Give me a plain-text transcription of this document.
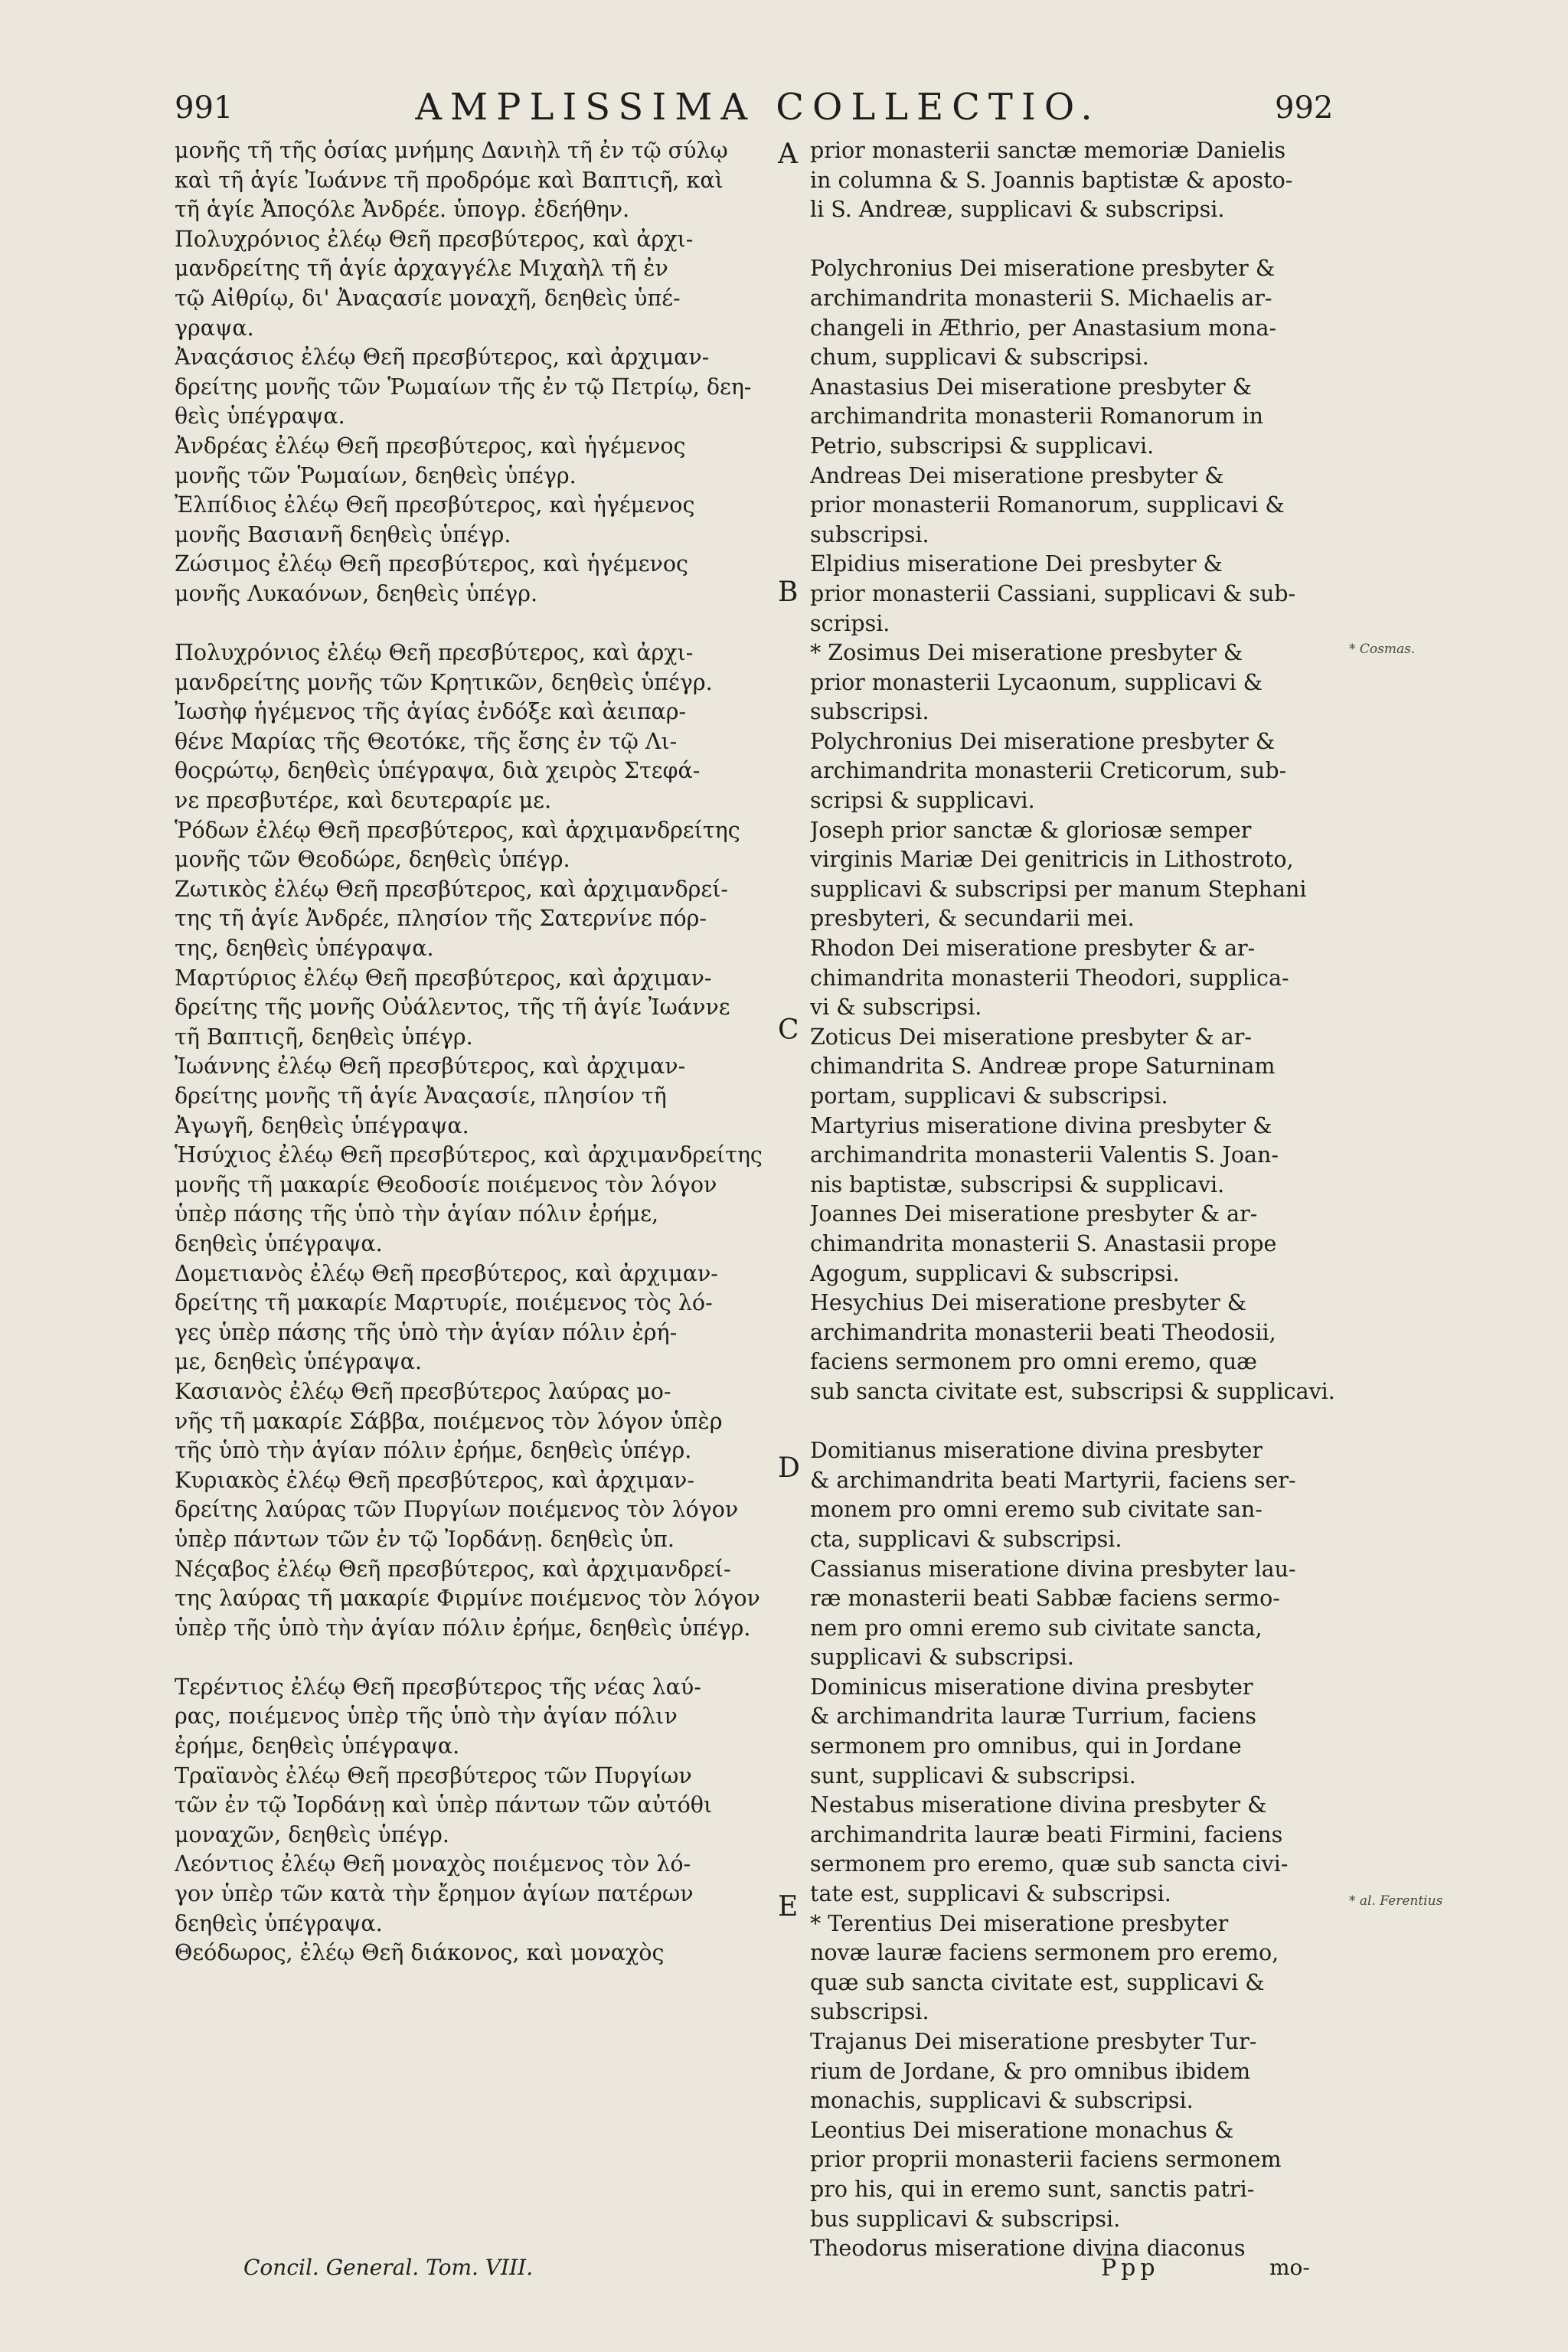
991	AMPLISSIMA COLLECTIO.	992
μονῆς τῆ τῆς ὁσίας μνήμης Δανιὴλ τῆ ἐν τῷ σύλῳ
καὶ τῆ ἁγίε Ἰωάννε τῆ προδρόμε καὶ Βαπτιςῆ, καὶ
τῆ ἁγίε Ἀποςόλε Ἀνδρέε. ὑπογρ. ἐδεήθην.
Πολυχρόνιος ἐλέῳ Θεῆ πρεσβύτερος, καὶ ἀρχι-
μανδρείτης τῆ ἁγίε ἀρχαγγέλε Μιχαὴλ τῆ ἐν
τῷ Αἰθρίῳ, δι' Ἀναςασίε μοναχῆ, δεηθεὶς ὑπέ-
γραψα.
Ἀναςάσιος ἐλέῳ Θεῆ πρεσβύτερος, καὶ ἀρχιμαν-
δρείτης μονῆς τῶν Ῥωμαίων τῆς ἐν τῷ Πετρίῳ, δεη-
θεὶς ὑπέγραψα.
Ἀνδρέας ἐλέῳ Θεῆ πρεσβύτερος, καὶ ἡγέμενος
μονῆς τῶν Ῥωμαίων, δεηθεὶς ὑπέγρ.
Ἐλπίδιος ἐλέῳ Θεῆ πρεσβύτερος, καὶ ἡγέμενος
μονῆς Βασιανῆ δεηθεὶς ὑπέγρ.
Ζώσιμος ἐλέῳ Θεῆ πρεσβύτερος, καὶ ἡγέμενος
μονῆς Λυκαόνων, δεηθεὶς ὑπέγρ.
Πολυχρόνιος ἐλέῳ Θεῆ πρεσβύτερος, καὶ ἀρχι-
μανδρείτης μονῆς τῶν Κρητικῶν, δεηθεὶς ὑπέγρ.
Ἰωσὴφ ἡγέμενος τῆς ἁγίας ἐνδόξε καὶ ἀειπαρ-
θένε Μαρίας τῆς Θεοτόκε, τῆς ἔσης ἐν τῷ Λι-
θοςρώτῳ, δεηθεὶς ὑπέγραψα, διὰ χειρὸς Στεφά-
νε πρεσβυτέρε, καὶ δευτεραρίε με.
Ῥόδων ἐλέῳ Θεῆ πρεσβύτερος, καὶ ἀρχιμανδρείτης
μονῆς τῶν Θεοδώρε, δεηθεὶς ὑπέγρ.
Ζωτικὸς ἐλέῳ Θεῆ πρεσβύτερος, καὶ ἀρχιμανδρεί-
της τῆ ἁγίε Ἀνδρέε, πλησίον τῆς Σατερνίνε πόρ-
της, δεηθεὶς ὑπέγραψα.
Μαρτύριος ἐλέῳ Θεῆ πρεσβύτερος, καὶ ἀρχιμαν-
δρείτης τῆς μονῆς Οὐάλεντος, τῆς τῆ ἁγίε Ἰωάννε
τῆ Βαπτιςῆ, δεηθεὶς ὑπέγρ.
Ἰωάννης ἐλέῳ Θεῆ πρεσβύτερος, καὶ ἀρχιμαν-
δρείτης μονῆς τῆ ἁγίε Ἀναςασίε, πλησίον τῆ
Ἀγωγῆ, δεηθεὶς ὑπέγραψα.
Ἡσύχιος ἐλέῳ Θεῆ πρεσβύτερος, καὶ ἀρχιμανδρείτης
μονῆς τῆ μακαρίε Θεοδοσίε ποιέμενος τὸν λόγον
ὑπὲρ πάσης τῆς ὑπὸ τὴν ἁγίαν πόλιν ἐρήμε,
δεηθεὶς ὑπέγραψα.
Δομετιανὸς ἐλέῳ Θεῆ πρεσβύτερος, καὶ ἀρχιμαν-
δρείτης τῆ μακαρίε Μαρτυρίε, ποιέμενος τὸς λό-
γες ὑπὲρ πάσης τῆς ὑπὸ τὴν ἁγίαν πόλιν ἐρή-
με, δεηθεὶς ὑπέγραψα.
Κασιανὸς ἐλέῳ Θεῆ πρεσβύτερος λαύρας μο-
νῆς τῆ μακαρίε Σάββα, ποιέμενος τὸν λόγον ὑπὲρ
τῆς ὑπὸ τὴν ἁγίαν πόλιν ἐρήμε, δεηθεὶς ὑπέγρ.
Κυριακὸς ἐλέῳ Θεῆ πρεσβύτερος, καὶ ἀρχιμαν-
δρείτης λαύρας τῶν Πυργίων ποιέμενος τὸν λόγον
ὑπὲρ πάντων τῶν ἐν τῷ Ἰορδάνῃ. δεηθεὶς ὑπ.
Νέςαβος ἐλέῳ Θεῆ πρεσβύτερος, καὶ ἀρχιμανδρεί-
της λαύρας τῆ μακαρίε Φιρμίνε ποιέμενος τὸν λόγον
ὑπὲρ τῆς ὑπὸ τὴν ἁγίαν πόλιν ἐρήμε, δεηθεὶς ὑπέγρ.
Τερέντιος ἐλέῳ Θεῆ πρεσβύτερος τῆς νέας λαύ-
ρας, ποιέμενος ὑπὲρ τῆς ὑπὸ τὴν ἁγίαν πόλιν
ἐρήμε, δεηθεὶς ὑπέγραψα.
Τραϊανὸς ἐλέῳ Θεῆ πρεσβύτερος τῶν Πυργίων
τῶν ἐν τῷ Ἰορδάνῃ καὶ ὑπὲρ πάντων τῶν αὐτόθι
μοναχῶν, δεηθεὶς ὑπέγρ.
Λεόντιος ἐλέῳ Θεῆ μοναχὸς ποιέμενος τὸν λό-
γον ὑπὲρ τῶν κατὰ τὴν ἔρημον ἁγίων πατέρων
δεηθεὶς ὑπέγραψα.
Θεόδωρος, ἐλέῳ Θεῆ διάκονος, καὶ μοναχὸς
prior monasterii sanctæ memoriæ Danielis
in columna & S. Joannis baptistæ & aposto-
li S. Andreæ, supplicavi & subscripsi.
Polychronius Dei miseratione presbyter &
archimandrita monasterii S. Michaelis ar-
changeli in Æthrio, per Anastasium mona-
chum, supplicavi & subscripsi.
Anastasius Dei miseratione presbyter &
archimandrita monasterii Romanorum in
Petrio, subscripsi & supplicavi.
Andreas Dei miseratione presbyter &
prior monasterii Romanorum, supplicavi &
subscripsi.
Elpidius miseratione Dei presbyter &
prior monasterii Cassiani, supplicavi & sub-
scripsi.
* Zosimus Dei miseratione presbyter &
prior monasterii Lycaonum, supplicavi &
subscripsi.
Polychronius Dei miseratione presbyter &
archimandrita monasterii Creticorum, sub-
scripsi & supplicavi.
Joseph prior sanctæ & gloriosæ semper
virginis Mariæ Dei genitricis in Lithostroto,
supplicavi & subscripsi per manum Stephani
presbyteri, & secundarii mei.
Rhodon Dei miseratione presbyter & ar-
chimandrita monasterii Theodori, supplica-
vi & subscripsi.
Zoticus Dei miseratione presbyter & ar-
chimandrita S. Andreæ prope Saturninam
portam, supplicavi & subscripsi.
Martyrius miseratione divina presbyter &
archimandrita monasterii Valentis S. Joan-
nis baptistæ, subscripsi & supplicavi.
Joannes Dei miseratione presbyter & ar-
chimandrita monasterii S. Anastasii prope
Agogum, supplicavi & subscripsi.
Hesychius Dei miseratione presbyter &
archimandrita monasterii beati Theodosii,
faciens sermonem pro omni eremo, quæ
sub sancta civitate est, subscripsi & supplicavi.
Domitianus miseratione divina presbyter
& archimandrita beati Martyrii, faciens ser-
monem pro omni eremo sub civitate san-
cta, supplicavi & subscripsi.
Cassianus miseratione divina presbyter lau-
ræ monasterii beati Sabbæ faciens sermo-
nem pro omni eremo sub civitate sancta,
supplicavi & subscripsi.
Dominicus miseratione divina presbyter
& archimandrita lauræ Turrium, faciens
sermonem pro omnibus, qui in Jordane
sunt, supplicavi & subscripsi.
Nestabus miseratione divina presbyter &
archimandrita lauræ beati Firmini, faciens
sermonem pro eremo, quæ sub sancta civi-
tate est, supplicavi & subscripsi.
* Terentius Dei miseratione presbyter
novæ lauræ faciens sermonem pro eremo,
quæ sub sancta civitate est, supplicavi &
subscripsi.
Trajanus Dei miseratione presbyter Tur-
rium de Jordane, & pro omnibus ibidem
monachis, supplicavi & subscripsi.
Leontius Dei miseratione monachus &
prior proprii monasterii faciens sermonem
pro his, qui in eremo sunt, sanctis patri-
bus supplicavi & subscripsi.
Theodorus miseratione divina diaconus
A
B
C
D
E
* Cosmas.
* al. Ferentius
Concil. General. Tom. VIII.	Ppp	mo-
